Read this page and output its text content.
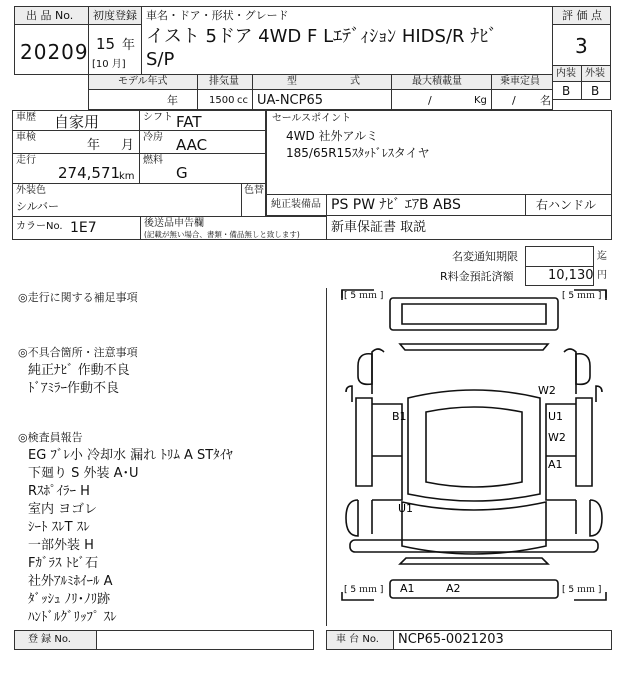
出 品 No.
20209
初度登録 車名・ドア・形状・グレード
15 年
[10 月]
イスト 5ドア 4WD F Lｴﾃﾞｨｼｮﾝ HIDS/R ﾅﾋﾞ
S/P
評 価 点
3
内装 外装
B B
モデル年式	排気量	型	式	最大積載量	乗車定員
年	1500 cc UA-NCP65	/	Kg / 名
車歴 自家用	シフト FAT
車検
年 月
冷房 AAC
走行
274,571
km
燃料
G
外装色
シルバー
色替
カラーNo. 1E7	後送品申告欄
(記載が無い場合、書類・備品無しと致します)
セールスポイント
4WD 社外アルミ
185/65R15ｽﾀｯﾄﾞﾚｽタイヤ
純正装備品 PS PW ﾅﾋﾞ ｴｱB ABS	右ハンドル
新車保証書 取説
名変通知期限	迄
R料金預託済額	10,130 円
◎走行に関する補足事項
◎不具合箇所・注意事項
純正ﾅﾋﾞ 作動不良
ﾄﾞｱﾐﾗｰ作動不良
◎検査員報告
EG ﾌﾞﾚ小 冷却水 漏れ ﾄﾘﾑ A STﾀｲﾔ
下廻り S 外装 A･U
Rｽﾎﾟｲﾗｰ H
室内 ヨゴレ
ｼｰﾄ ｽﾚT ｽﾚ
一部外装 H
Fｶﾞﾗｽ ﾄﾋﾞ石
社外ｱﾙﾐﾎｲｰﾙ A
ﾀﾞｯｼｭ ﾉﾘ･ﾉﾘ跡
ﾊﾝﾄﾞﾙｸﾞﾘｯﾌﾟ ｽﾚ
[ 5 ｍｍ ]	[ 5 ｍｍ ]
[ 5 ｍｍ ]	[ 5 ｍｍ ]
B1	U1
W2
W2
A1
U1
A1	A2
登 録 No.	車 台 No. NCP65-0021203
